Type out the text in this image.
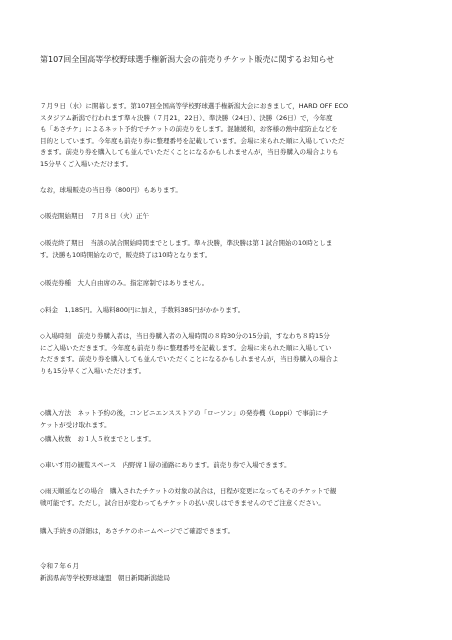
第107回全国高等学校野球選手権新潟大会の前売りチケット販売に関するお知らせ
７月９日（水）に開幕します。第107回全国高等学校野球選手権新潟大会におきまして，HARD OFF ECO
スタジアム新潟で行われます準々決勝（７月21，22日）、準決勝（24日）、決勝（26日）で，今年度
も「あさチケ」によるネット予約でチケットの前売りをします。混雑緩和，お客様の熱中症防止などを
目的としています。今年度も前売り券に整理番号を記載しています。会場に来られた順に入場していただ
きます。前売り券を購入しても並んでいただくことになるかもしれませんが，当日券購入の場合よりも
15分早くご入場いただけます。
なお，球場販売の当日券（800円）もあります。
◇販売開始期日　７月８日（火）正午
◇販売終了期日　当該の試合開始時間までとします。準々決勝，準決勝は第１試合開始の10時としま
す。決勝も10時開始なので，販売終了は10時となります。
◇販売券種　大人自由席のみ。指定席制ではありません。
◇料金　1,185円。入場料800円に加え，手数料385円がかかります。
◇入場時刻　前売り券購入者は，当日券購入者の入場時間の８時30分の15分前，すなわち８時15分
にご入場いただきます。今年度も前売り券に整理番号を記載します。会場に来られた順に入場してい
ただきます。前売り券を購入しても並んでいただくことになるかもしれませんが，当日券購入の場合よ
りも15分早くご入場いただけます。
◇購入方法　ネット予約の後，コンビニエンスストアの「ローソン」の発券機（Loppi）で事前にチ
ケットが受け取れます。
◇購入枚数　お１人５枚までとします。
◇車いす用の観覧スペース　内野席１層の通路にあります。前売り券で入場できます。
◇雨天順延などの場合　購入されたチケットの対象の試合は，日程が変更になってもそのチケットで観
戦可能です。ただし，試合日が変わってもチケットの払い戻しはできませんのでご注意ください。
購入手続きの詳細は，あさチケのホームページでご確認できます。
令和７年６月
新潟県高等学校野球連盟　朝日新聞新潟総局
